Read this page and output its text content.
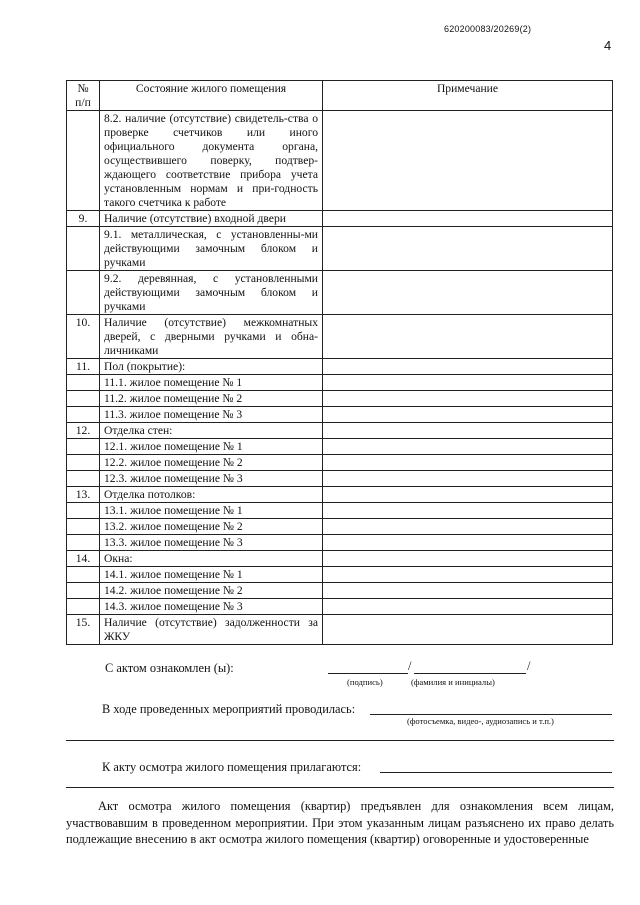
620200083/20269(2)
4
№
п/п	Состояние жилого помещения	Примечание
	8.2. наличие (отсутствие) свидетель-ства о проверке счетчиков или иного официального документа органа, осуществившего поверку, подтвер-ждающего соответствие прибора учета установленным нормам и при-годность такого счетчика к работе	
9.	Наличие (отсутствие) входной двери	
	9.1. металлическая, с установленны-ми действующими замочным блоком и ручками	
	9.2. деревянная, с установленными действующими замочным блоком и ручками	
10.	Наличие (отсутствие) межкомнатных дверей, с дверными ручками и обна-личниками	
11.	Пол (покрытие):	
	11.1. жилое помещение № 1	
	11.2. жилое помещение № 2	
	11.3. жилое помещение № 3	
12.	Отделка стен:	
	12.1. жилое помещение № 1	
	12.2. жилое помещение № 2	
	12.3. жилое помещение № 3	
13.	Отделка потолков:	
	13.1. жилое помещение № 1	
	13.2. жилое помещение № 2	
	13.3. жилое помещение № 3	
14.	Окна:	
	14.1. жилое помещение № 1	
	14.2. жилое помещение № 2	
	14.3. жилое помещение № 3	
15.	Наличие (отсутствие) задолженности за ЖКУ	
С актом ознакомлен (ы):	/	/
(подпись)	(фамилия и инициалы)
В ходе проведенных мероприятий проводилась:
(фотосъемка, видео-, аудиозапись и т.п.)
К акту осмотра жилого помещения прилагаются:
Акт осмотра жилого помещения (квартир) предъявлен для ознакомления всем лицам, участвовавшим в проведенном мероприятии. При этом указанным лицам разъяснено их право делать подлежащие внесению в акт осмотра жилого помещения (квартир) оговоренные и удостоверенные
